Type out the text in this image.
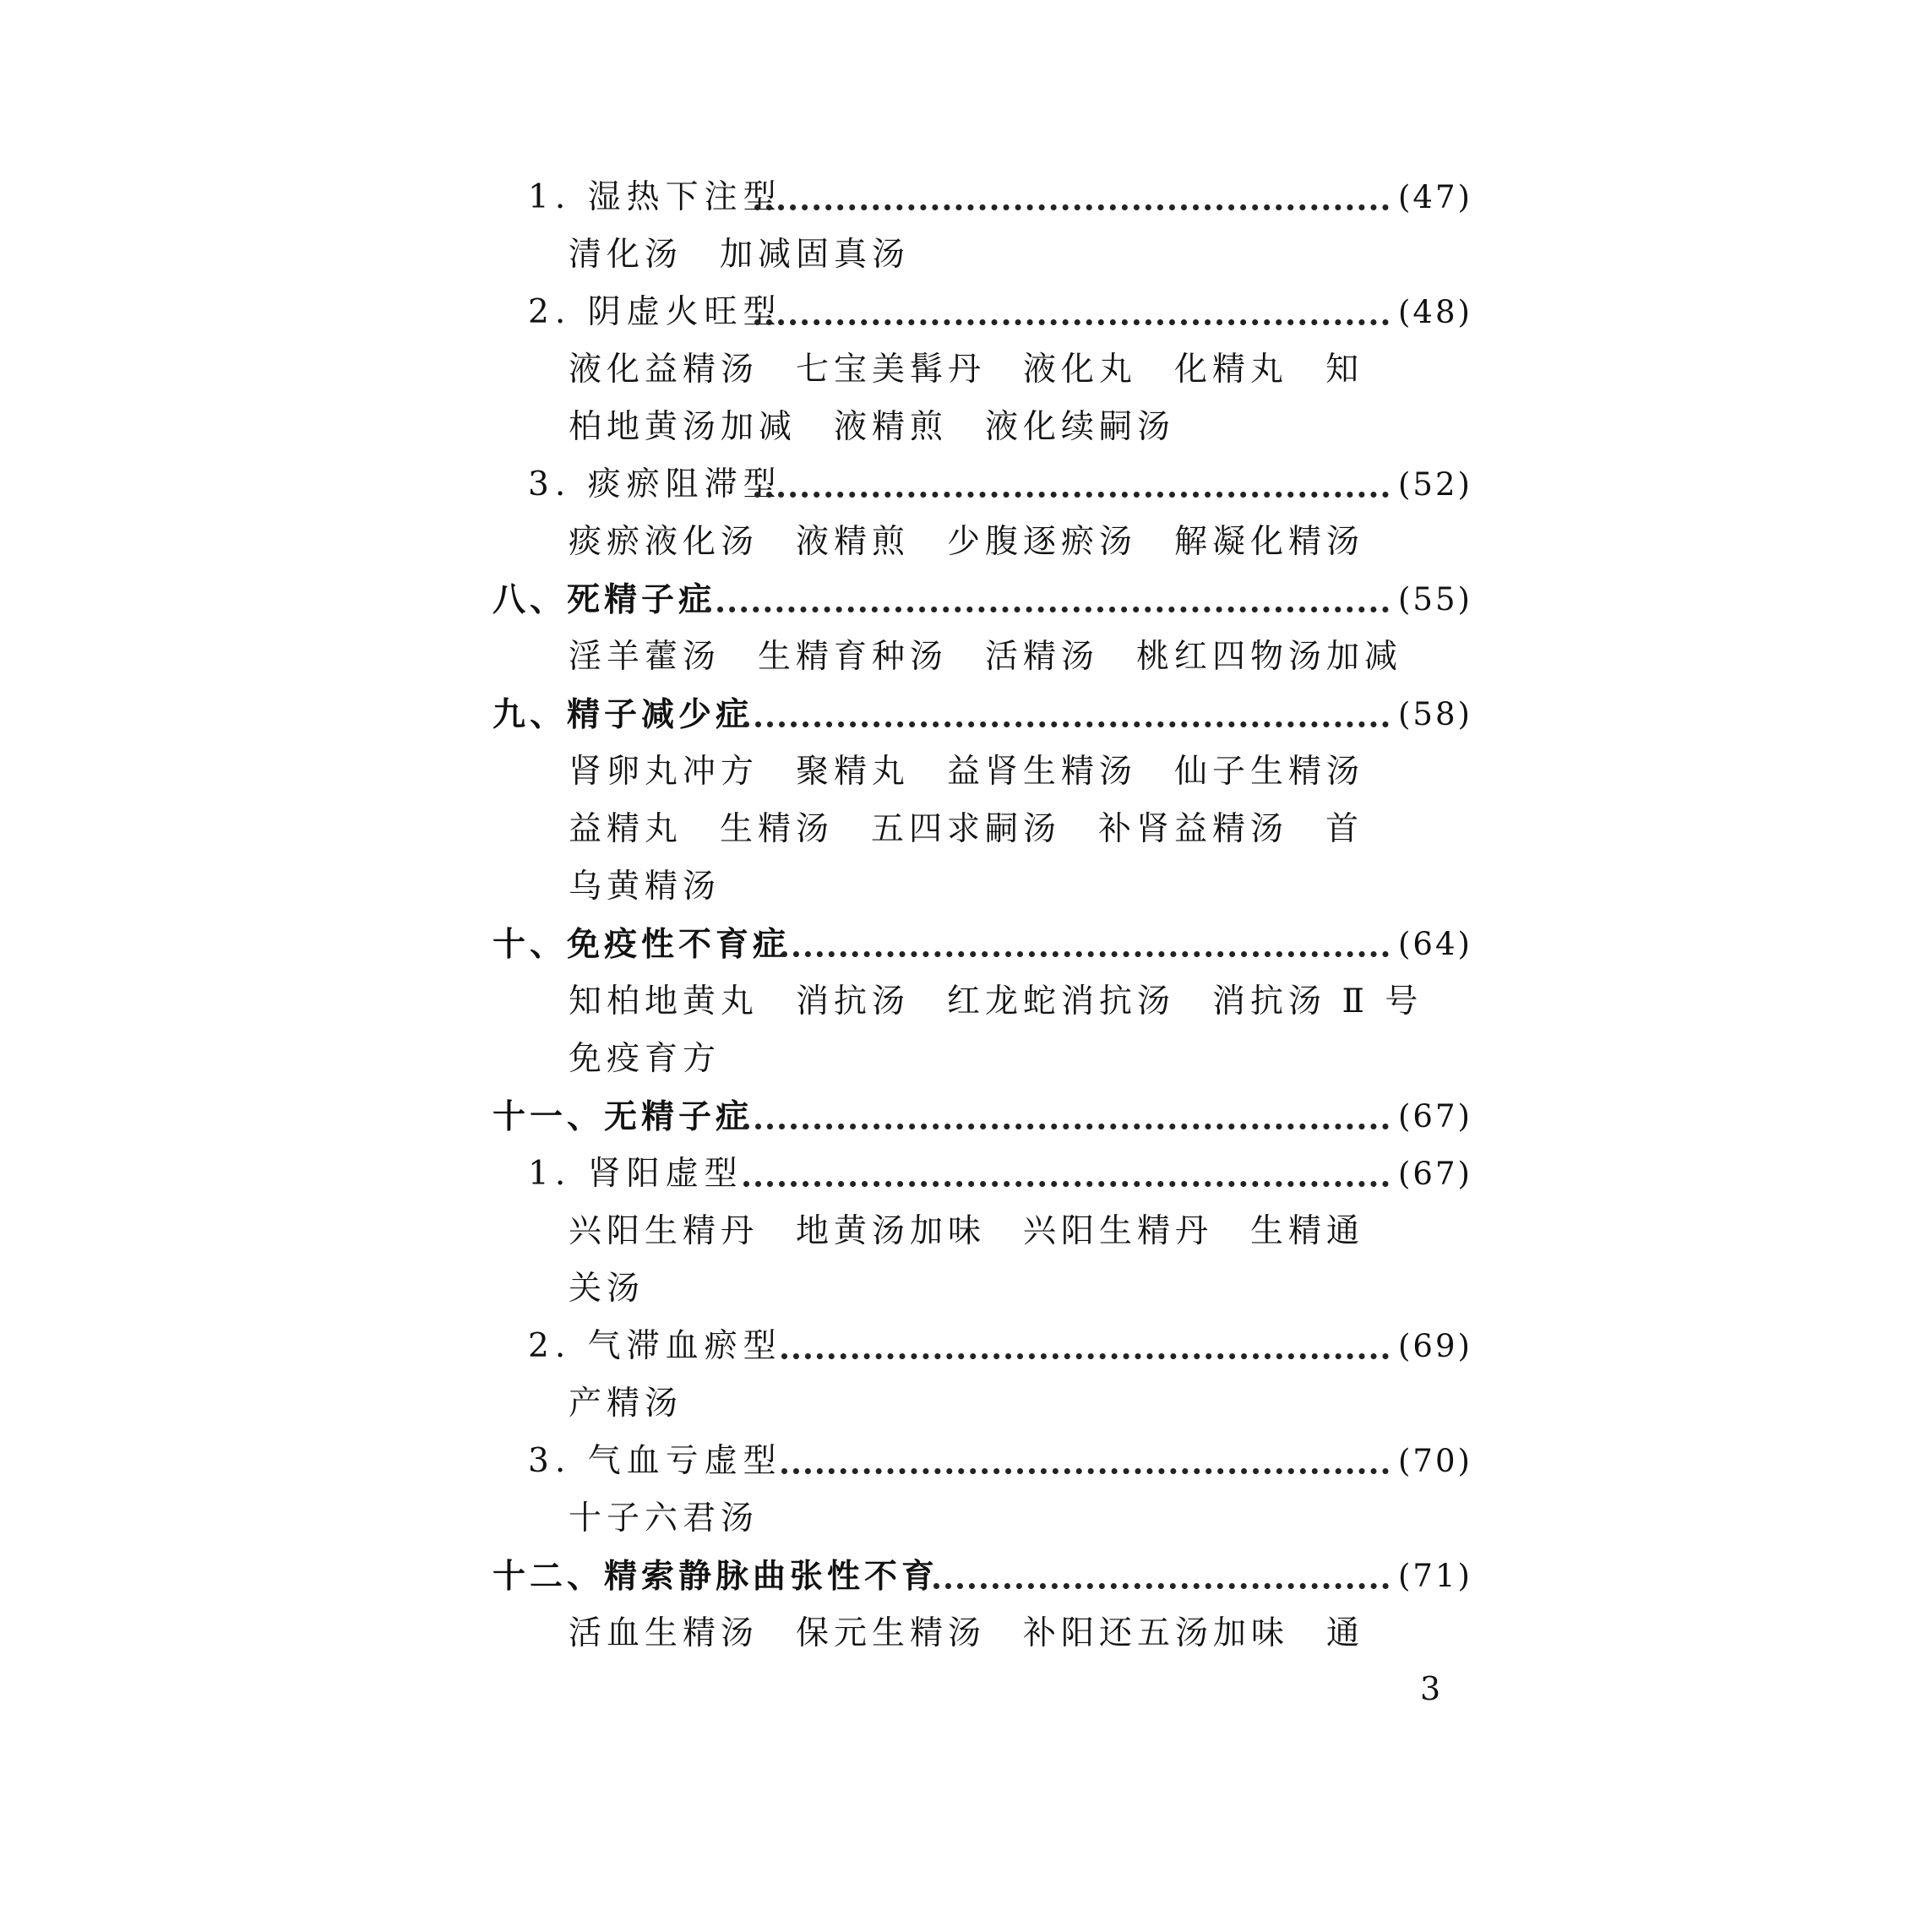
1. 湿热下注型	(47)
清化汤 加减固真汤
2. 阴虚火旺型	(48)
液化益精汤 七宝美髯丹 液化丸 化精丸 知
柏地黄汤加减 液精煎 液化续嗣汤
3. 痰瘀阻滞型	(52)
痰瘀液化汤 液精煎 少腹逐瘀汤 解凝化精汤
八、死精子症	(55)
淫羊藿汤 生精育种汤 活精汤 桃红四物汤加减
九、精子减少症	(58)
肾卵丸冲方 聚精丸 益肾生精汤 仙子生精汤
益精丸 生精汤 五四求嗣汤 补肾益精汤 首
乌黄精汤
十、免疫性不育症	(64)
知柏地黄丸 消抗汤 红龙蛇消抗汤 消抗汤 Ⅱ 号
免疫育方
十一、无精子症	(67)
1. 肾阳虚型	(67)
兴阳生精丹 地黄汤加味 兴阳生精丹 生精通
关汤
2. 气滞血瘀型	(69)
产精汤
3. 气血亏虚型	(70)
十子六君汤
十二、精索静脉曲张性不育	(71)
活血生精汤 保元生精汤 补阳还五汤加味 通
3
